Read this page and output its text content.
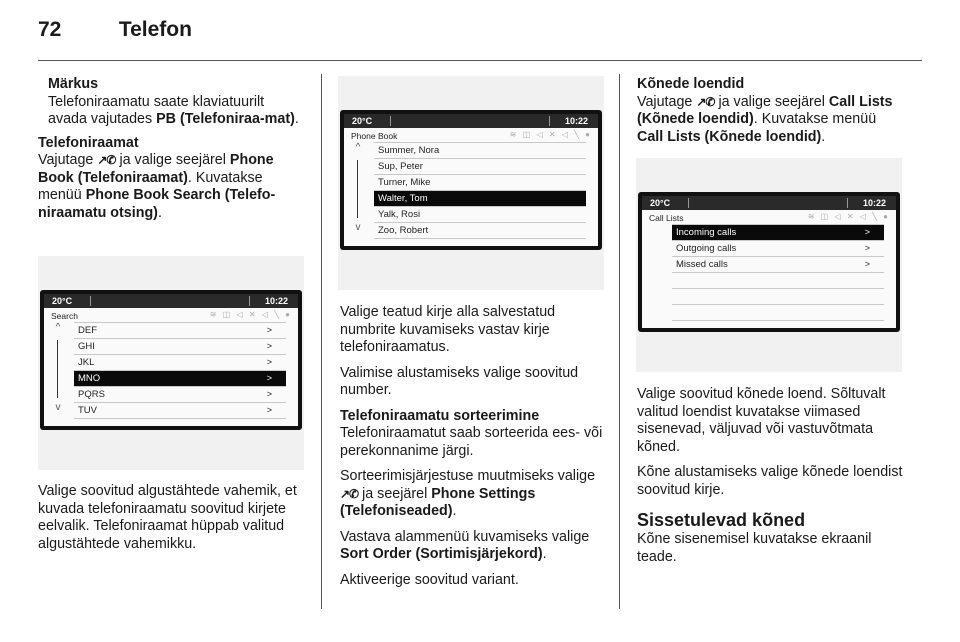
72	Telefon
Märkus
Telefoniraamatu saate klaviatuurilt avada vajutades PB (Telefoniraa-mat).
Telefoniraamat

Vajutage ↗✆ ja valige seejärel Phone Book (Telefoniraamat). Kuvatakse menüü Phone Book Search (Telefo-niraamatu otsing).

Valige soovitud algustähtede vahemik, et kuvada telefoniraamatu soovitud kirjete eelvalik. Telefoniraamat hüppab valitud algustähtede vahemikku.

20°C	10:22
Search	≋ ◫ ◁ ✕ ◁ ╲ ●
DEF	>
GHI	>
JKL	>
MNO	>
PQRS	>
TUV	>
^
v
20°C	10:22
Phone Book	≋ ◫ ◁ ✕ ◁ ╲ ●
Summer, Nora
Sup, Peter
Turner, Mike
Walter, Tom
Yalk, Rosi
Zoo, Robert
^
v

Valige teatud kirje alla salvestatud numbrite kuvamiseks vastav kirje telefoniraamatus.

Valimise alustamiseks valige soovitud number.

Telefoniraamatu sorteerimine

Telefoniraamatut saab sorteerida ees- või perekonnanime järgi.

Sorteerimisjärjestuse muutmiseks valige ↗✆ ja seejärel Phone Settings (Telefoniseaded).

Vastava alammenüü kuvamiseks valige Sort Order (Sortimisjärjekord).

Aktiveerige soovitud variant.

Kõnede loendid

Vajutage ↗✆ ja valige seejärel Call Lists (Kõnede loendid). Kuvatakse menüü Call Lists (Kõnede loendid).

20°C	10:22
Call Lists	≋ ◫ ◁ ✕ ◁ ╲ ●
Incoming calls	>
Outgoing calls	>
Missed calls	>

Valige soovitud kõnede loend. Sõltuvalt valitud loendist kuvatakse viimased sisenevad, väljuvad või vastuvõtmata kõned.

Kõne alustamiseks valige kõnede loendist soovitud kirje.

Sissetulevad kõned

Kõne sisenemisel kuvatakse ekraanil teade.
